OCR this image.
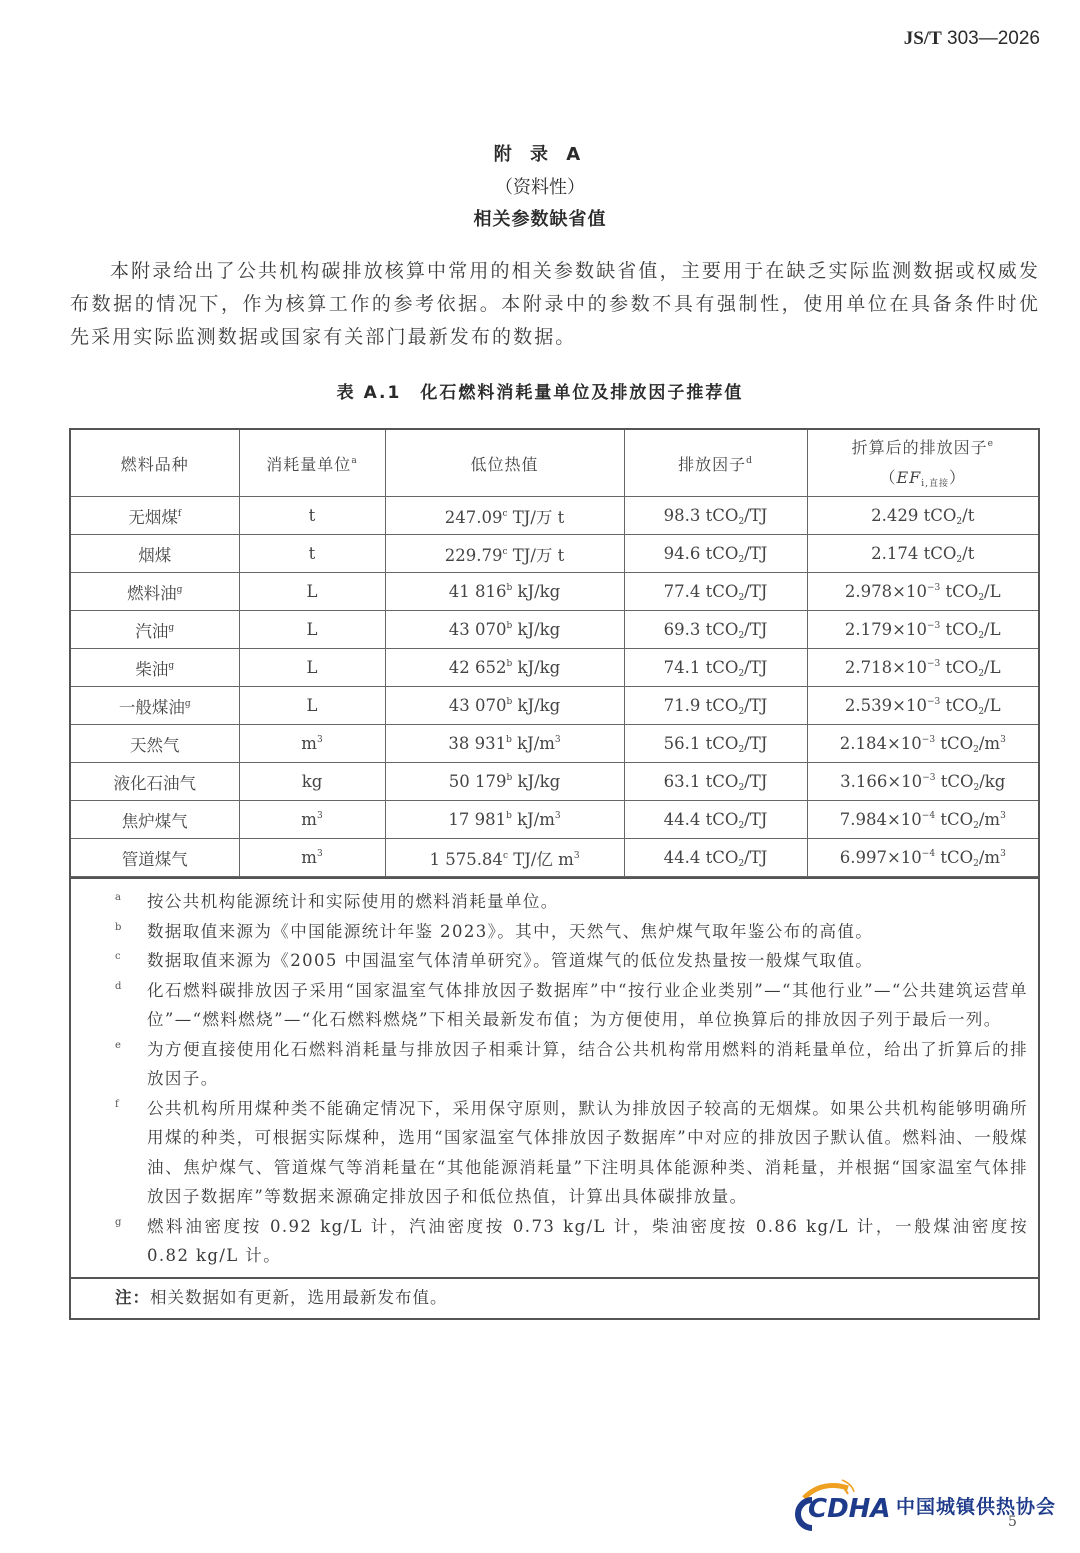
JS/T 303—2026
附 录 A
（资料性）
相关参数缺省值

本附录给出了公共机构碳排放核算中常用的相关参数缺省值，主要用于在缺乏实际监测数据或权威发布数据的情况下，作为核算工作的参考依据。本附录中的参数不具有强制性，使用单位在具备条件时优先采用实际监测数据或国家有关部门最新发布的数据。

表 A.1　化石燃料消耗量单位及排放因子推荐值
燃料品种	消耗量单位$^a$	低位热值	排放因子$^d$	折算后的排放因子$^e$
$(EF_{i,直接})$
无烟煤$^f$	t	247.09$^c$ TJ/万 t	98.3 tCO$_2$/TJ	2.429 tCO$_2$/t
烟煤	t	229.79$^c$ TJ/万 t	94.6 tCO$_2$/TJ	2.174 tCO$_2$/t
燃料油$^g$	L	41 816$^b$ kJ/kg	77.4 tCO$_2$/TJ	$2.978\times 10^{-3}$ tCO$_2$/L
汽油$^g$	L	43 070$^b$ kJ/kg	69.3 tCO$_2$/TJ	$2.179\times 10^{-3}$ tCO$_2$/L
柴油$^g$	L	42 652$^b$ kJ/kg	74.1 tCO$_2$/TJ	$2.718\times 10^{-3}$ tCO$_2$/L
一般煤油$^g$	L	43 070$^b$ kJ/kg	71.9 tCO$_2$/TJ	$2.539\times 10^{-3}$ tCO$_2$/L
天然气	$m^3$	38 931$^b$ $kJ/m^3$	56.1 tCO$_2$/TJ	$2.184\times 10^{-3}$ $tCO_2/m^3$
液化石油气	kg	50 179$^b$ kJ/kg	63.1 tCO$_2$/TJ	$3.166\times 10^{-3}$ tCO$_2$/kg
焦炉煤气	$m^3$	17 981$^b$ $kJ/m^3$	44.4 tCO$_2$/TJ	$7.984\times 10^{-4}$ $tCO_2/m^3$
管道煤气	$m^3$	1 575.84$^c$ TJ/亿 $m^3$	44.4 tCO$_2$/TJ	$6.997\times 10^{-4}$ $tCO_2/m^3$
a 按公共机构能源统计和实际使用的燃料消耗量单位。
b 数据取值来源为《中国能源统计年鉴 2023》。其中，天然气、焦炉煤气取年鉴公布的高值。
c 数据取值来源为《2005 中国温室气体清单研究》。管道煤气的低位发热量按一般煤气取值。
d 化石燃料碳排放因子采用“国家温室气体排放因子数据库”中“按行业企业类别”—“其他行业”—“公共建筑运营单位”—“燃料燃烧”—“化石燃料燃烧”下相关最新发布值；为方便使用，单位换算后的排放因子列于最后一列。
e 为方便直接使用化石燃料消耗量与排放因子相乘计算，结合公共机构常用燃料的消耗量单位，给出了折算后的排放因子。
f 公共机构所用煤种类不能确定情况下，采用保守原则，默认为排放因子较高的无烟煤。如果公共机构能够明确所用煤的种类，可根据实际煤种，选用“国家温室气体排放因子数据库”中对应的排放因子默认值。燃料油、一般煤油、焦炉煤气、管道煤气等消耗量在“其他能源消耗量”下注明具体能源种类、消耗量，并根据“国家温室气体排放因子数据库”等数据来源确定排放因子和低位热值，计算出具体碳排放量。
g 燃料油密度按 0.92 kg/L 计，汽油密度按 0.73 kg/L 计，柴油密度按 0.86 kg/L 计，一般煤油密度按 0.82 kg/L 计。
注：相关数据如有更新，选用最新发布值。
CDHA 中国城镇供热协会
5
